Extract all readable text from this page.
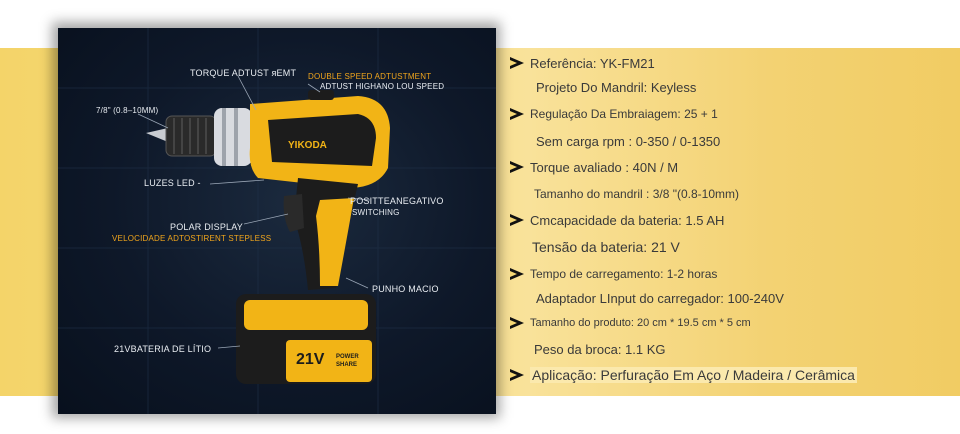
YIKODA
21V POWER
SHARE
TORQUE ADTUST ᴙEMT DOUBLE SPEED ADTUSTMENT
ADTUST HIGHANO LOU SPEED
7/8" (0.8–10MM)
LUZES LED -
POSITTEANEGATIVO
SWITCHING
POLAR DISPLAY
VELOCIDADE ADTOSTIRENT STEPLESS
PUNHO MACIO
21VBATERIA DE LÍTIO
Referência: YK-FM21
Projeto Do Mandril: Keyless
Regulação Da Embraiagem: 25 + 1
Sem carga rpm : 0-350 / 0-1350
Torque avaliado : 40N / M
Tamanho do mandril : 3/8 "(0.8-10mm)
Cmcapacidade da bateria: 1.5 AH
Tensão da bateria: 21 V
Tempo de carregamento: 1-2 horas
Adaptador LInput do carregador: 100-240V
Tamanho do produto: 20 cm * 19.5 cm * 5 cm
Peso da broca: 1.1 KG
Aplicação: Perfuração Em Aço / Madeira / Cerâmica
